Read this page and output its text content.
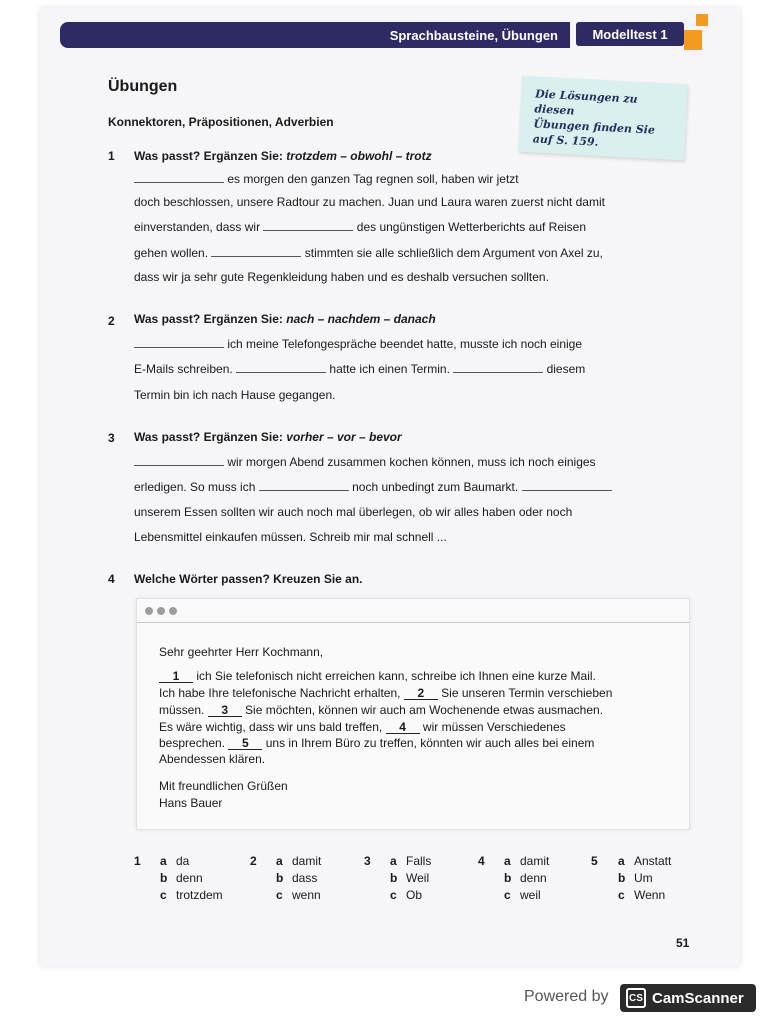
Sprachbausteine, Übungen	Modelltest 1
Übungen
Konnektoren, Präpositionen, Adverbien
Die Lösungen zu diesen
Übungen finden Sie
auf S. 159.
1 Was passt? Ergänzen Sie: trotzdem – obwohl – trotz
es morgen den ganzen Tag regnen soll, haben wir jetzt
doch beschlossen, unsere Radtour zu machen. Juan und Laura waren zuerst nicht damit
einverstanden, dass wir	des ungünstigen Wetterberichts auf Reisen
gehen wollen.	stimmten sie alle schließlich dem Argument von Axel zu,
dass wir ja sehr gute Regenkleidung haben und es deshalb versuchen sollten.
2 Was passt? Ergänzen Sie: nach – nachdem – danach
ich meine Telefongespräche beendet hatte, musste ich noch einige
E-Mails schreiben.	hatte ich einen Termin.	diesem
Termin bin ich nach Hause gegangen.
3 Was passt? Ergänzen Sie: vorher – vor – bevor
wir morgen Abend zusammen kochen können, muss ich noch einiges
erledigen. So muss ich	noch unbedingt zum Baumarkt.
unserem Essen sollten wir auch noch mal überlegen, ob wir alles haben oder noch
Lebensmittel einkaufen müssen. Schreib mir mal schnell ...
4 Welche Wörter passen? Kreuzen Sie an.
Sehr geehrter Herr Kochmann,
1 ich Sie telefonisch nicht erreichen kann, schreibe ich Ihnen eine kurze Mail.
Ich habe Ihre telefonische Nachricht erhalten, 2 Sie unseren Termin verschieben
müssen. 3 Sie möchten, können wir auch am Wochenende etwas ausmachen.
Es wäre wichtig, dass wir uns bald treffen, 4 wir müssen Verschiedenes
besprechen. 5 uns in Ihrem Büro zu treffen, könnten wir auch alles bei einem
Abendessen klären.
Mit freundlichen Grüßen
Hans Bauer
1 a da
b denn
c trotzdem
2 a damit
b dass
c wenn
3 a Falls
b Weil
c Ob
4 a damit
b denn
c weil
5 a Anstatt
b Um
c Wenn
51
Powered by	CS CamScanner
